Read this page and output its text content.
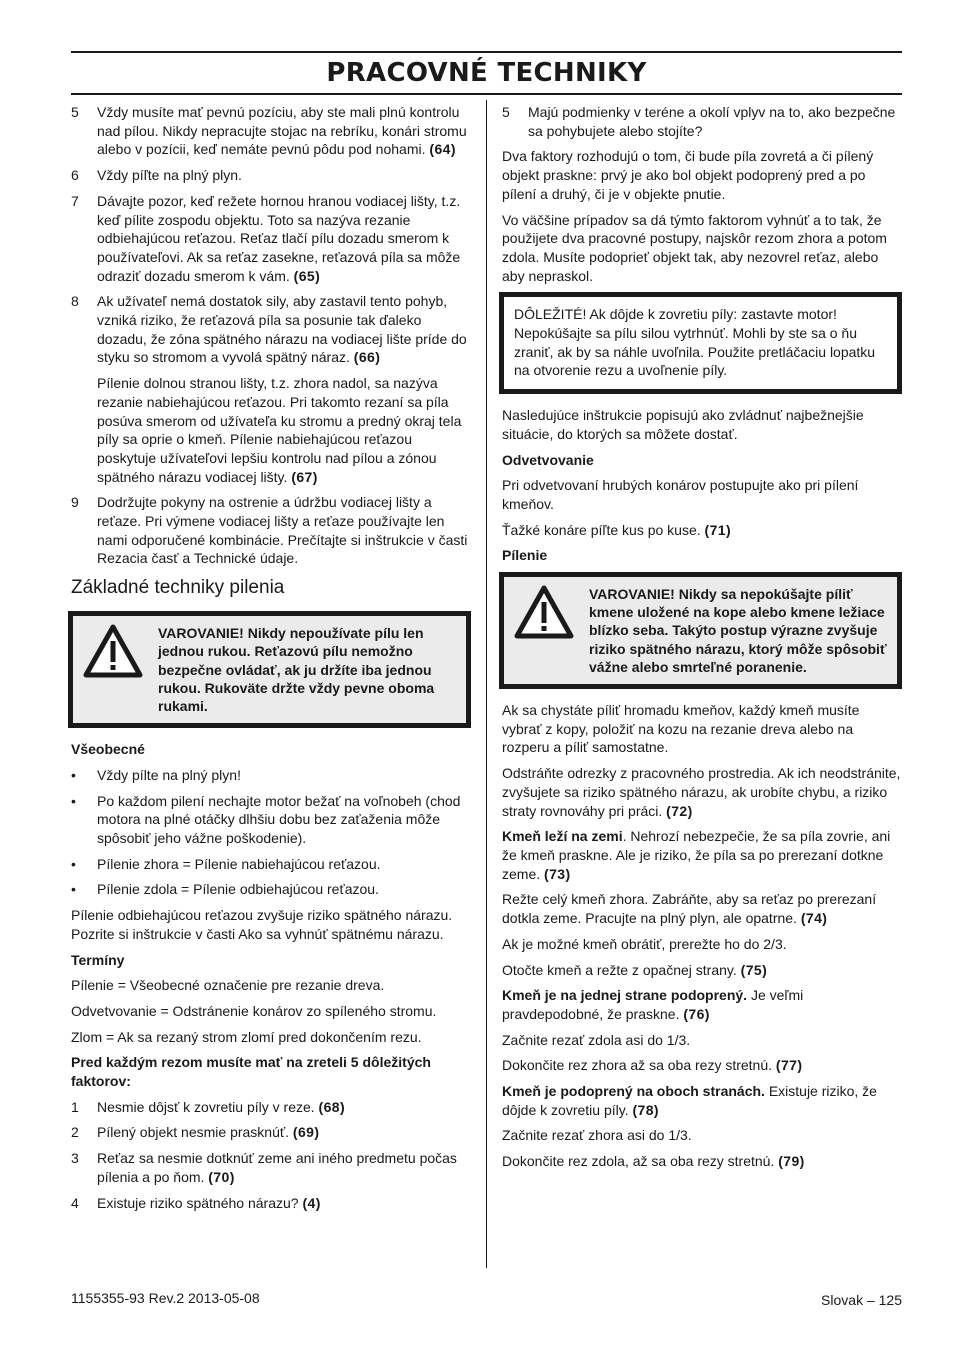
PRACOVNÉ TECHNIKY
5	Vždy musíte mať pevnú pozíciu, aby ste mali plnú kontrolu nad pílou. Nikdy nepracujte stojac na rebríku, konári stromu alebo v pozícii, keď nemáte pevnú pôdu pod nohami. (64)
6	Vždy píľte na plný plyn.
7	Dávajte pozor, keď režete hornou hranou vodiacej lišty, t.z. keď pílite zospodu objektu. Toto sa nazýva rezanie odbiehajúcou reťazou. Reťaz tlačí pílu dozadu smerom k používateľovi. Ak sa reťaz zasekne, reťazová píla sa môže odraziť dozadu smerom k vám. (65)
8	Ak užívateľ nemá dostatok sily, aby zastavil tento pohyb, vzniká riziko, že reťazová píla sa posunie tak ďaleko dozadu, že zóna spätného nárazu na vodiacej lište príde do styku so stromom a vyvolá spätný náraz. (66)

Pílenie dolnou stranou lišty, t.z. zhora nadol, sa nazýva rezanie nabiehajúcou reťazou. Pri takomto rezaní sa píla posúva smerom od užívateľa ku stromu a predný okraj tela píly sa oprie o kmeň. Pílenie nabiehajúcou reťazou poskytuje užívateľovi lepšiu kontrolu nad pílou a zónou spätného nárazu vodiacej lišty. (67)

9	Dodržujte pokyny na ostrenie a údržbu vodiacej lišty a reťaze. Pri výmene vodiacej lišty a reťaze používajte len nami odporučené kombinácie. Prečítajte si inštrukcie v časti Rezacia časť a Technické údaje.
Základné techniky pilenia
VAROVANIE! Nikdy nepoužívate pílu len jednou rukou. Reťazovú pílu nemožno bezpečne ovládať, ak ju držíte iba jednou rukou. Rukoväte držte vždy pevne oboma rukami.
Všeobecné
•	Vždy pílte na plný plyn!
•	Po každom pilení nechajte motor bežať na voľnobeh (chod motora na plné otáčky dlhšiu dobu bez zaťaženia môže spôsobiť jeho vážne poškodenie).
•	Pílenie zhora = Pílenie nabiehajúcou reťazou.
•	Pílenie zdola = Pílenie odbiehajúcou reťazou.

Pílenie odbiehajúcou reťazou zvyšuje riziko spätného nárazu. Pozrite si inštrukcie v časti Ako sa vyhnúť spätnému nárazu.

Termíny

Pílenie = Všeobecné označenie pre rezanie dreva.

Odvetvovanie = Odstránenie konárov zo spíleného stromu.

Zlom = Ak sa rezaný strom zlomí pred dokončením rezu.

Pred každým rezom musíte mať na zreteli 5 dôležitých faktorov:
1	Nesmie dôjsť k zovretiu píly v reze. (68)
2	Pílený objekt nesmie prasknúť. (69)
3	Reťaz sa nesmie dotknúť zeme ani iného predmetu počas pílenia a po ňom. (70)
4	Existuje riziko spätného nárazu? (4)
5	Majú podmienky v teréne a okolí vplyv na to, ako bezpečne sa pohybujete alebo stojíte?

Dva faktory rozhodujú o tom, či bude píla zovretá a či pílený objekt praskne: prvý je ako bol objekt podoprený pred a po pílení a druhý, či je v objekte pnutie.

Vo väčšine prípadov sa dá týmto faktorom vyhnúť a to tak, že použijete dva pracovné postupy, najskôr rezom zhora a potom zdola. Musíte podoprieť objekt tak, aby nezovrel reťaz, alebo aby nepraskol.

DÔLEŽITÉ! Ak dôjde k zovretiu píly: zastavte motor! Nepokúšajte sa pílu silou vytrhnúť. Mohli by ste sa o ňu zraniť, ak by sa náhle uvoľnila. Použite pretláčaciu lopatku na otvorenie rezu a uvoľnenie píly.

Nasledujúce inštrukcie popisujú ako zvládnuť najbežnejšie situácie, do ktorých sa môžete dostať.

Odvetvovanie

Pri odvetvovaní hrubých konárov postupujte ako pri pílení kmeňov.

Ťažké konáre píľte kus po kuse. (71)

Pílenie
VAROVANIE! Nikdy sa nepokúšajte píliť kmene uložené na kope alebo kmene ležiace blízko seba. Takýto postup výrazne zvyšuje riziko spätného nárazu, ktorý môže spôsobiť vážne alebo smrteľné poranenie.

Ak sa chystáte píliť hromadu kmeňov, každý kmeň musíte vybrať z kopy, položiť na kozu na rezanie dreva alebo na rozperu a píliť samostatne.

Odstráňte odrezky z pracovného prostredia. Ak ich neodstránite, zvyšujete sa riziko spätného nárazu, ak urobíte chybu, a riziko straty rovnováhy pri práci. (72)

Kmeň leží na zemi. Nehrozí nebezpečie, že sa píla zovrie, ani že kmeň praskne. Ale je riziko, že píla sa po prerezaní dotkne zeme. (73)

Režte celý kmeň zhora. Zabráňte, aby sa reťaz po prerezaní dotkla zeme. Pracujte na plný plyn, ale opatrne. (74)

Ak je možné kmeň obrátiť, prerežte ho do 2/3.

Otočte kmeň a režte z opačnej strany. (75)

Kmeň je na jednej strane podoprený. Je veľmi pravdepodobné, že praskne. (76)

Začnite rezať zdola asi do 1/3.

Dokončite rez zhora až sa oba rezy stretnú. (77)

Kmeň je podoprený na oboch stranách. Existuje riziko, že dôjde k zovretiu píly. (78)

Začnite rezať zhora asi do 1/3.

Dokončite rez zdola, až sa oba rezy stretnú. (79)

1155355-93 Rev.2 2013-05-08	Slovak – 125
